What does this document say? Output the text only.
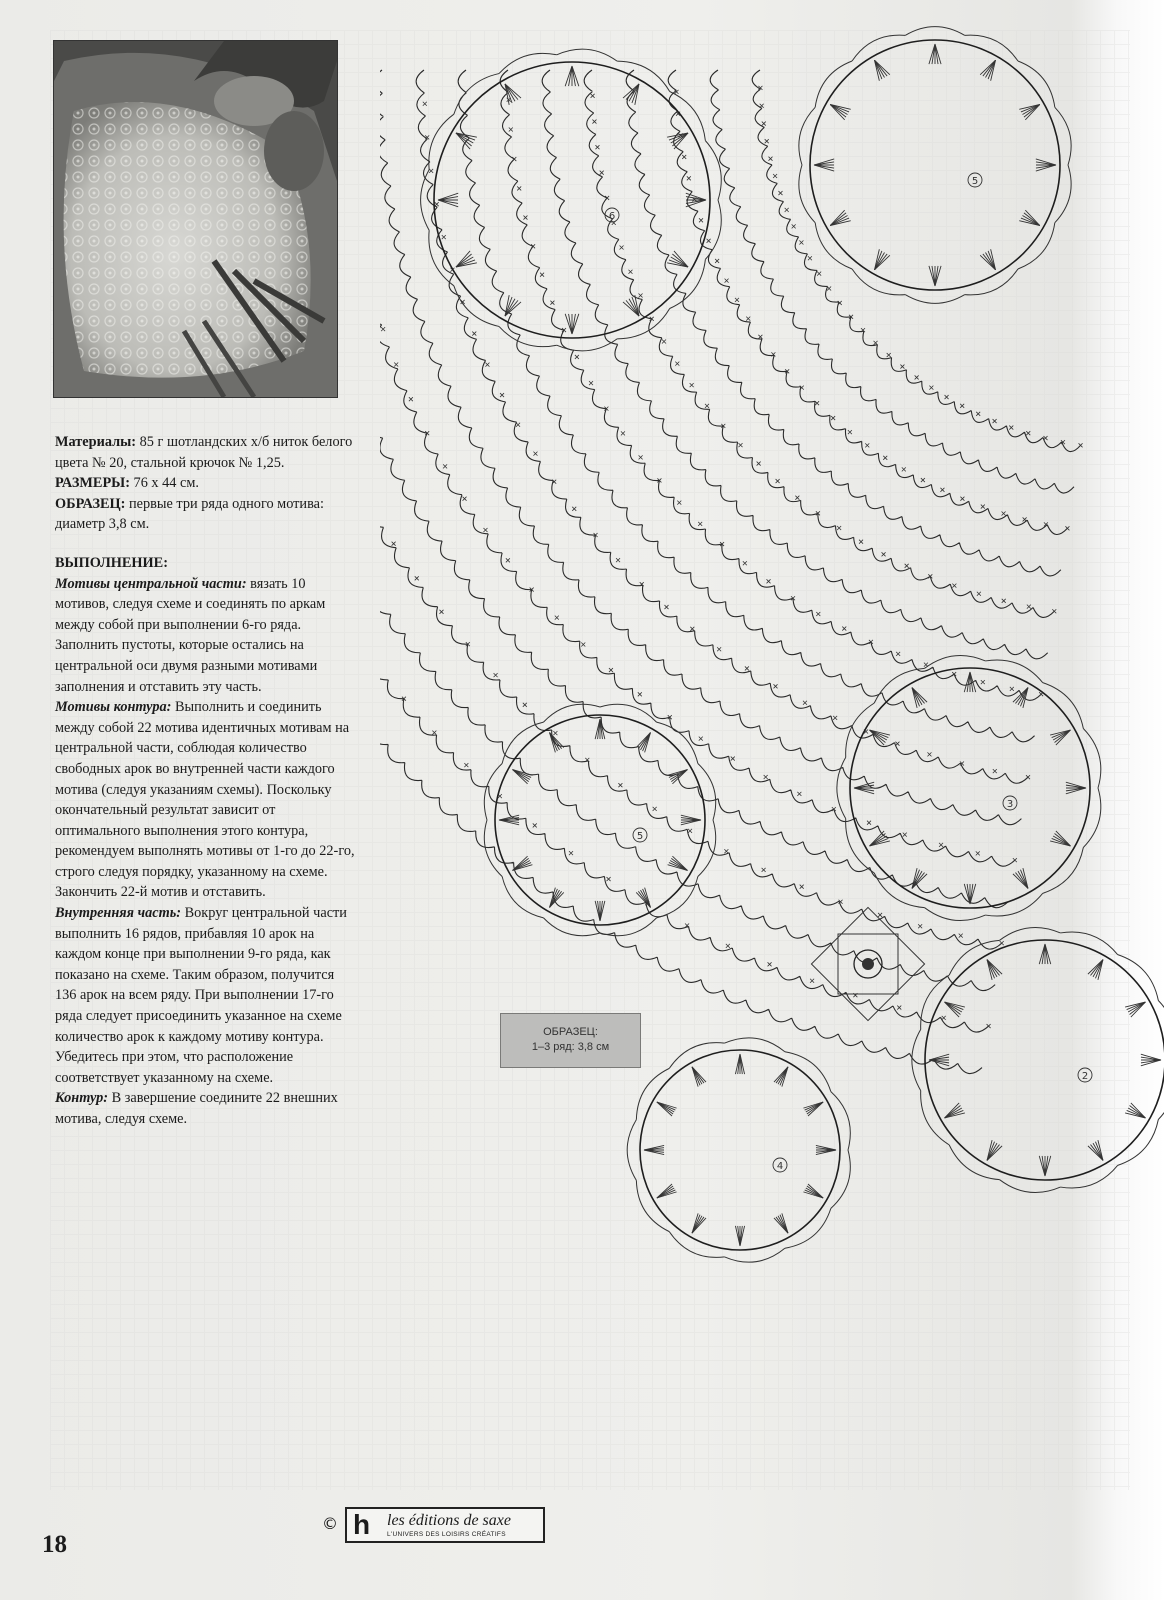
Материалы: 85 г шотландских х/б ниток белого цвета № 20, стальной крючок № 1,25.

РАЗМЕРЫ: 76 х 44 см.

ОБРАЗЕЦ: первые три ряда одного мотива: диаметр 3,8 см.

ВЫПОЛНЕНИЕ:

Мотивы центральной части: вязать 10 мотивов, следуя схеме и соединять по аркам между собой при выполнении 6-го ряда. Заполнить пустоты, которые остались на центральной оси двумя разными мотивами заполнения и отставить эту часть.

Мотивы контура: Выполнить и соединить между собой 22 мотива идентичных мотивам на центральной части, соблюдая количество свободных арок во внутренней части каждого мотива (следуя указаниям схемы). Поскольку окончательный результат зависит от оптимального выполнения этого контура, рекомендуем выполнять мотивы от 1-го до 22-го, строго следуя порядку, указанному на схеме. Закончить 22-й мотив и отставить.

Внутренняя часть: Вокруг центральной части выполнить 16 рядов, прибавляя 10 арок на каждом конце при выполнении 9-го ряда, как показано на схеме. Таким образом, получится 136 арок на всем ряду. При выполнении 17-го ряда следует присоединить указанное на схеме количество арок к каждому мотиву контура. Убедитесь при этом, что расположение соответствует указанному на схеме.

Контур: В завершение соедините 22 внешних мотива, следуя схеме.

6
5
3
5
2
4
ОБРАЗЕЦ:
1–3 ряд: 3,8 см
18
© h	les éditions de saxe
L'UNIVERS DES LOISIRS CRÉATIFS
